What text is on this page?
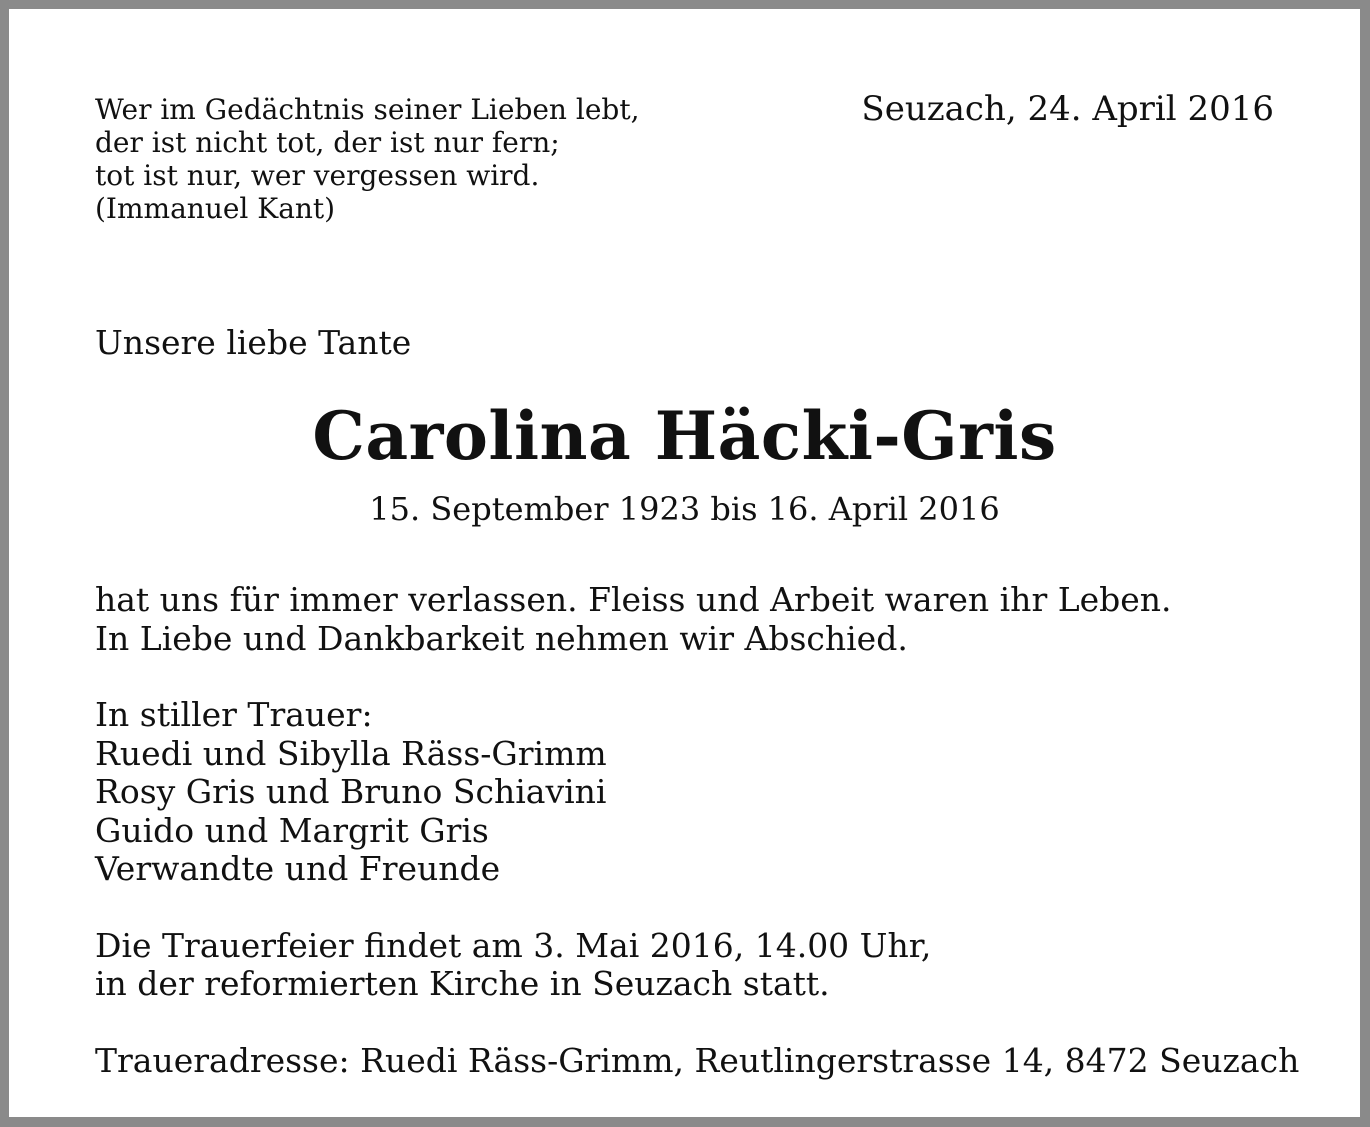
Wer im Gedächtnis seiner Lieben lebt,
der ist nicht tot, der ist nur fern;
tot ist nur, wer vergessen wird.
(Immanuel Kant)
Seuzach, 24. April 2016
Unsere liebe Tante
Carolina Häcki-Gris
15. September 1923 bis 16. April 2016
hat uns für immer verlassen. Fleiss und Arbeit waren ihr Leben.
In Liebe und Dankbarkeit nehmen wir Abschied.
In stiller Trauer:
Ruedi und Sibylla Räss-Grimm
Rosy Gris und Bruno Schiavini
Guido und Margrit Gris
Verwandte und Freunde
Die Trauerfeier findet am 3. Mai 2016, 14.00 Uhr,
in der reformierten Kirche in Seuzach statt.
Traueradresse: Ruedi Räss-Grimm, Reutlingerstrasse 14, 8472 Seuzach
